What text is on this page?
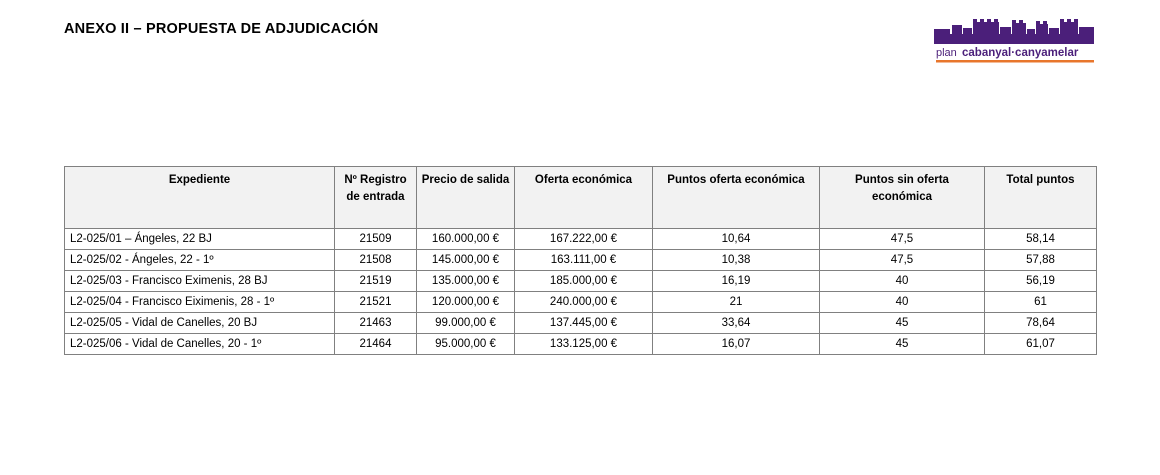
ANEXO II – PROPUESTA DE ADJUDICACIÓN
plan cabanyal·canyamelar
Expediente	Nº Registro de entrada	Precio de salida	Oferta económica	Puntos oferta económica	Puntos sin oferta económica	Total puntos
L2-025/01 – Ángeles, 22 BJ	21509	160.000,00 €	167.222,00 €	10,64	47,5	58,14
L2-025/02 - Ángeles, 22 - 1º	21508	145.000,00 €	163.111,00 €	10,38	47,5	57,88
L2-025/03 - Francisco Eximenis, 28 BJ	21519	135.000,00 €	185.000,00 €	16,19	40	56,19
L2-025/04 - Francisco Eiximenis, 28 - 1º	21521	120.000,00 €	240.000,00 €	21	40	61
L2-025/05 - Vidal de Canelles, 20 BJ	21463	99.000,00 €	137.445,00 €	33,64	45	78,64
L2-025/06 - Vidal de Canelles, 20 - 1º	21464	95.000,00 €	133.125,00 €	16,07	45	61,07
